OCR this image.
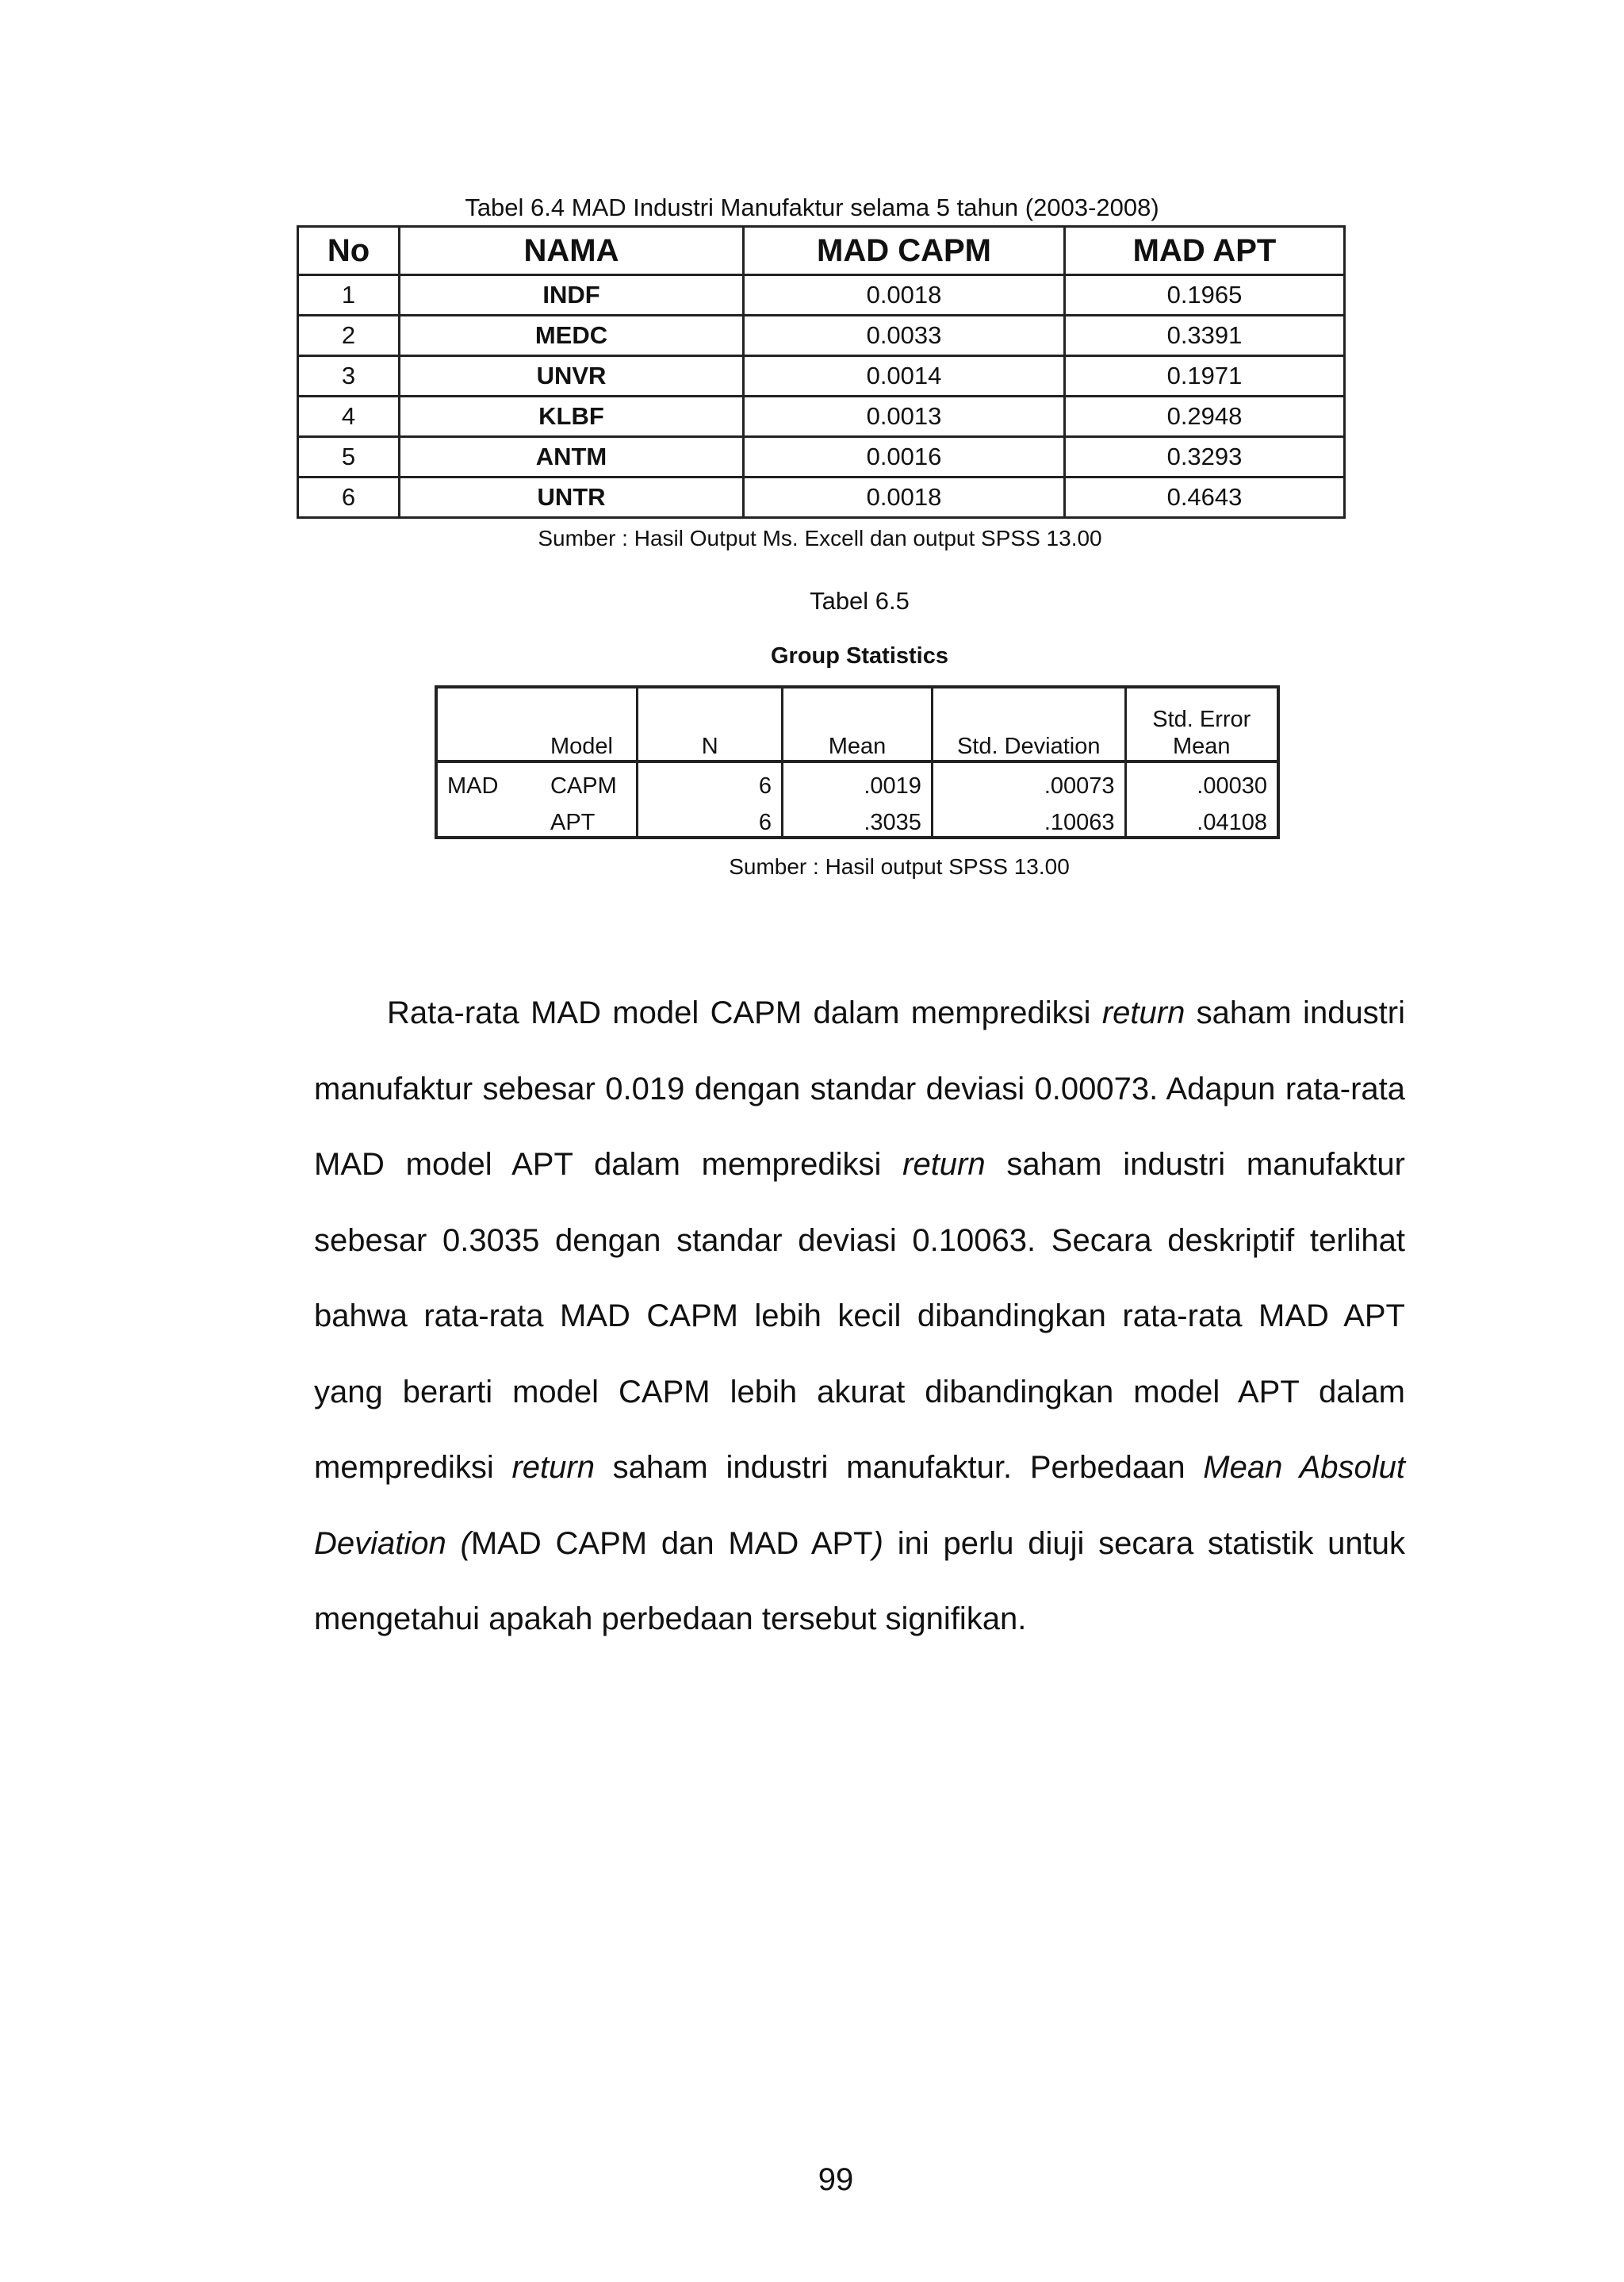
Tabel 6.4 MAD Industri Manufaktur selama 5 tahun (2003-2008)
No	NAMA	MAD CAPM	MAD APT
1	INDF	0.0018	0.1965
2	MEDC	0.0033	0.3391
3	UNVR	0.0014	0.1971
4	KLBF	0.0013	0.2948
5	ANTM	0.0016	0.3293
6	UNTR	0.0018	0.4643
Sumber : Hasil Output Ms. Excell dan output SPSS 13.00
Tabel 6.5
Group Statistics
	Model	N	Mean	Std. Deviation	Std. Error
Mean

MAD	CAPM	6	.0019	.00073	.00030
	APT	6	.3035	.10063	.04108
Sumber : Hasil output SPSS 13.00
Rata-rata MAD model CAPM dalam memprediksi return saham industri manufaktur sebesar 0.019 dengan standar deviasi 0.00073. Adapun rata-rata MAD model APT dalam memprediksi return saham industri manufaktur sebesar 0.3035 dengan standar deviasi 0.10063. Secara deskriptif terlihat bahwa rata-rata MAD CAPM lebih kecil dibandingkan rata-rata MAD APT yang berarti model CAPM lebih akurat dibandingkan model APT dalam memprediksi return saham industri manufaktur. Perbedaan Mean Absolut Deviation (MAD CAPM dan MAD APT) ini perlu diuji secara statistik untuk mengetahui apakah perbedaan tersebut signifikan.
99
